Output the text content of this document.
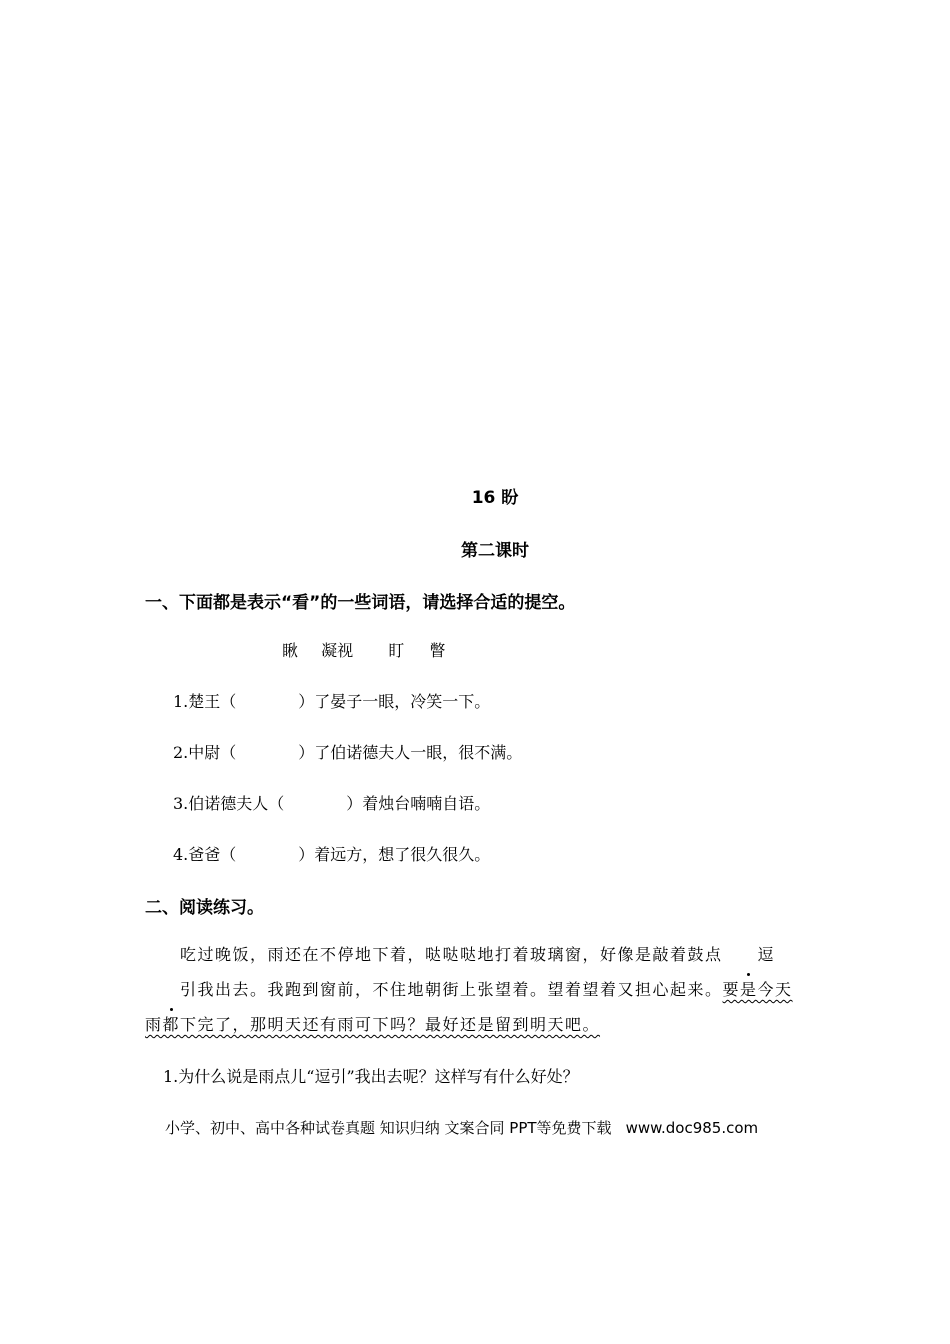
16 盼
第二课时
一、下面都是表示“看”的一些词语，请选择合适的提空。
瞅 凝视 盯 瞥
1.楚王（	）了晏子一眼，冷笑一下。
2.中尉（	）了伯诺德夫人一眼，很不满。
3.伯诺德夫人（	）着烛台喃喃自语。
4.爸爸（	）着远方，想了很久很久。
二、阅读练习。

吃过晚饭，雨还在不停地下着，哒哒哒地打着玻璃窗，好像是敲着鼓点 逗引我出去。我跑到窗前，不住地朝街上张望着。望着望着又担心起来。要是今天雨都下完了，那明天还有雨可下吗？最好还是留到明天吧。

1.为什么说是雨点儿“逗引”我出去呢？这样写有什么好处？
小学、初中、高中各种试卷真题 知识归纳 文案合同 PPT等免费下载 www.doc985.com
